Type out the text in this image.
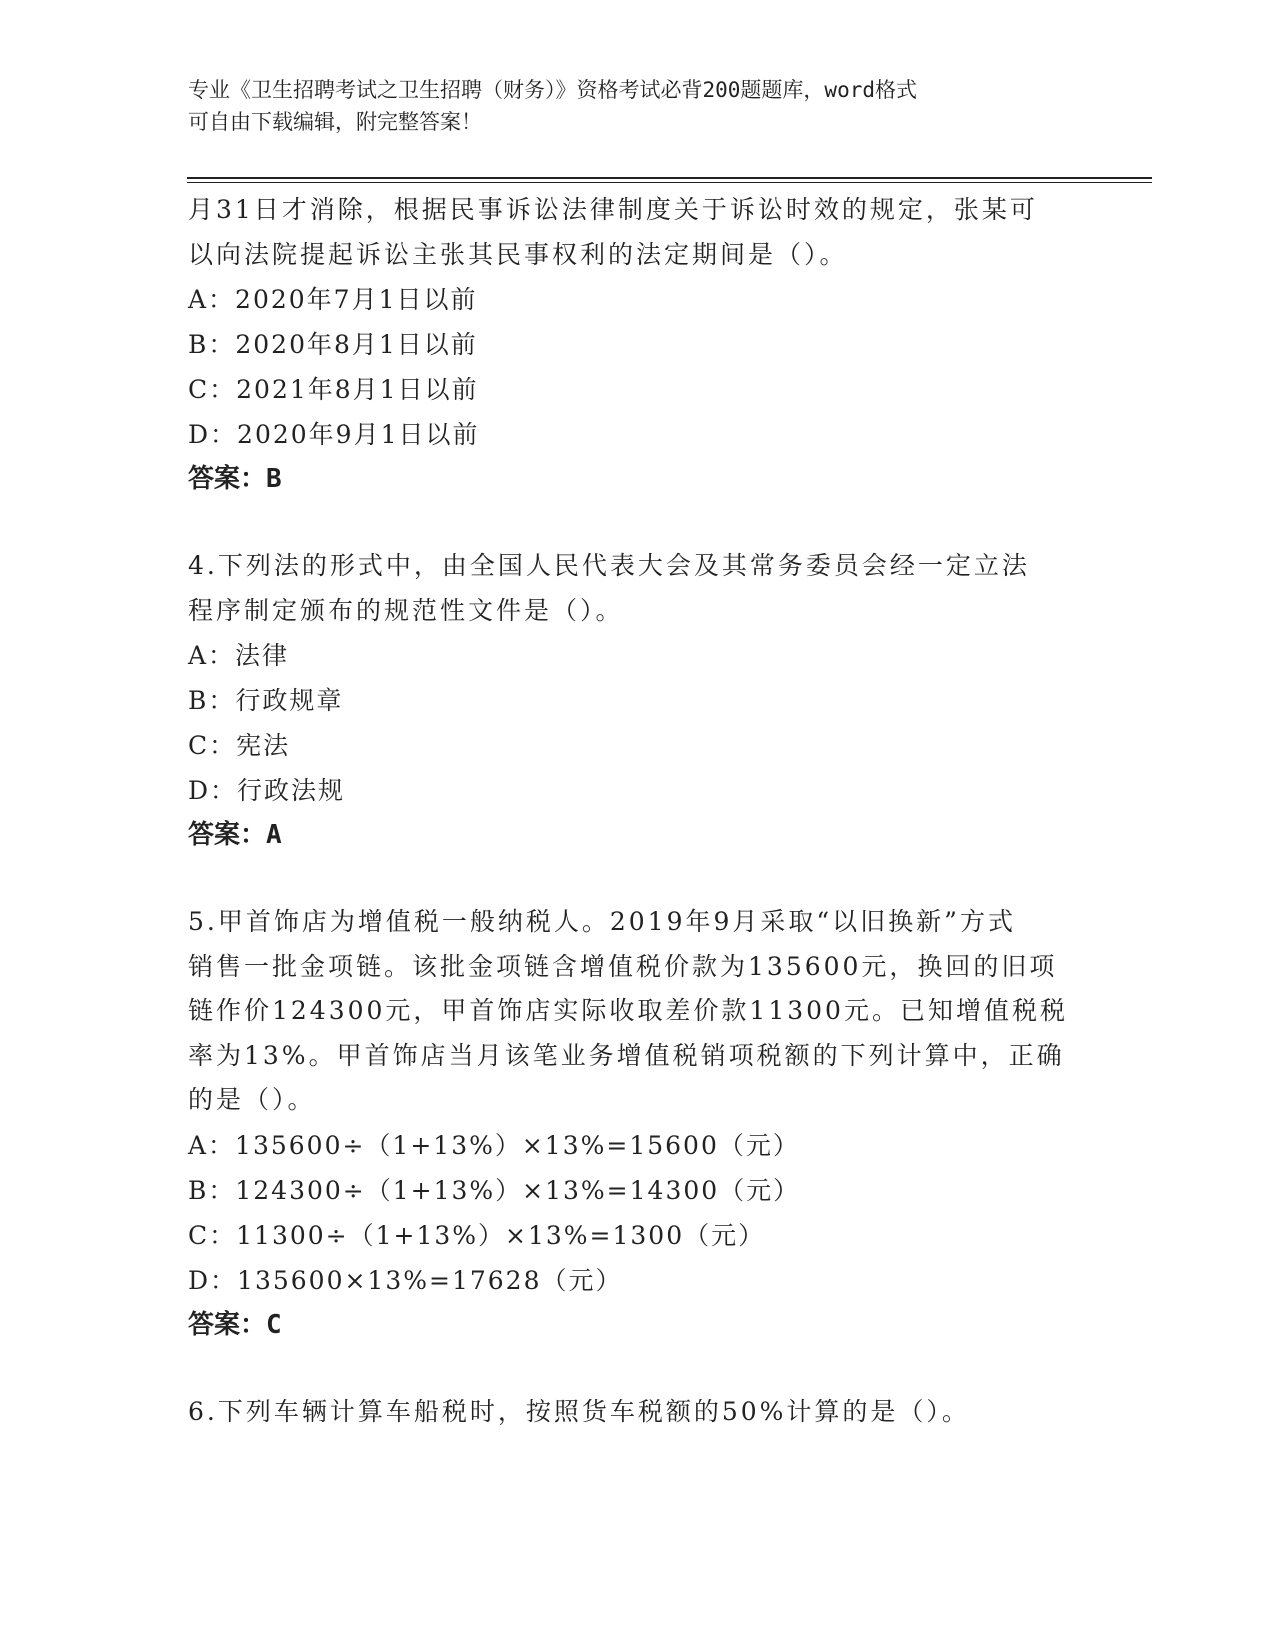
专业《卫生招聘考试之卫生招聘（财务）》资格考试必背200题题库，word格式
可自由下载编辑，附完整答案！
月31日才消除，根据民事诉讼法律制度关于诉讼时效的规定，张某可
以向法院提起诉讼主张其民事权利的法定期间是（）。
A：2020年7月1日以前
B：2020年8月1日以前
C：2021年8月1日以前
D：2020年9月1日以前
答案：B
4.下列法的形式中，由全国人民代表大会及其常务委员会经一定立法
程序制定颁布的规范性文件是（）。
A：法律
B：行政规章
C：宪法
D：行政法规
答案：A
5.甲首饰店为增值税一般纳税人。2019年9月采取“以旧换新”方式
销售一批金项链。该批金项链含增值税价款为135600元，换回的旧项
链作价124300元，甲首饰店实际收取差价款11300元。已知增值税税
率为13%。甲首饰店当月该笔业务增值税销项税额的下列计算中，正确
的是（）。
A：135600÷（1+13%）×13%=15600（元）
B：124300÷（1+13%）×13%=14300（元）
C：11300÷（1+13%）×13%=1300（元）
D：135600×13%=17628（元）
答案：C
6.下列车辆计算车船税时，按照货车税额的50%计算的是（）。
